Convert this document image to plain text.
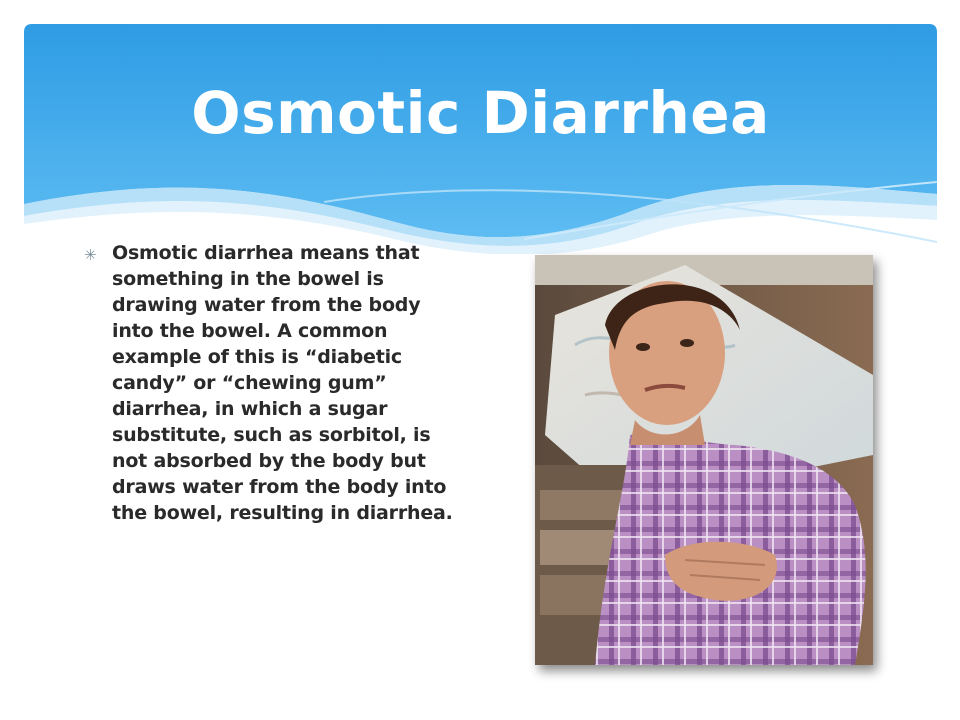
Osmotic Diarrhea
✳ Osmotic diarrhea means that something in the bowel is drawing water from the body into the bowel. A common example of this is “diabetic candy” or “chewing gum” diarrhea, in which a sugar substitute, such as sorbitol, is not absorbed by the body but draws water from the body into the bowel, resulting in diarrhea.
